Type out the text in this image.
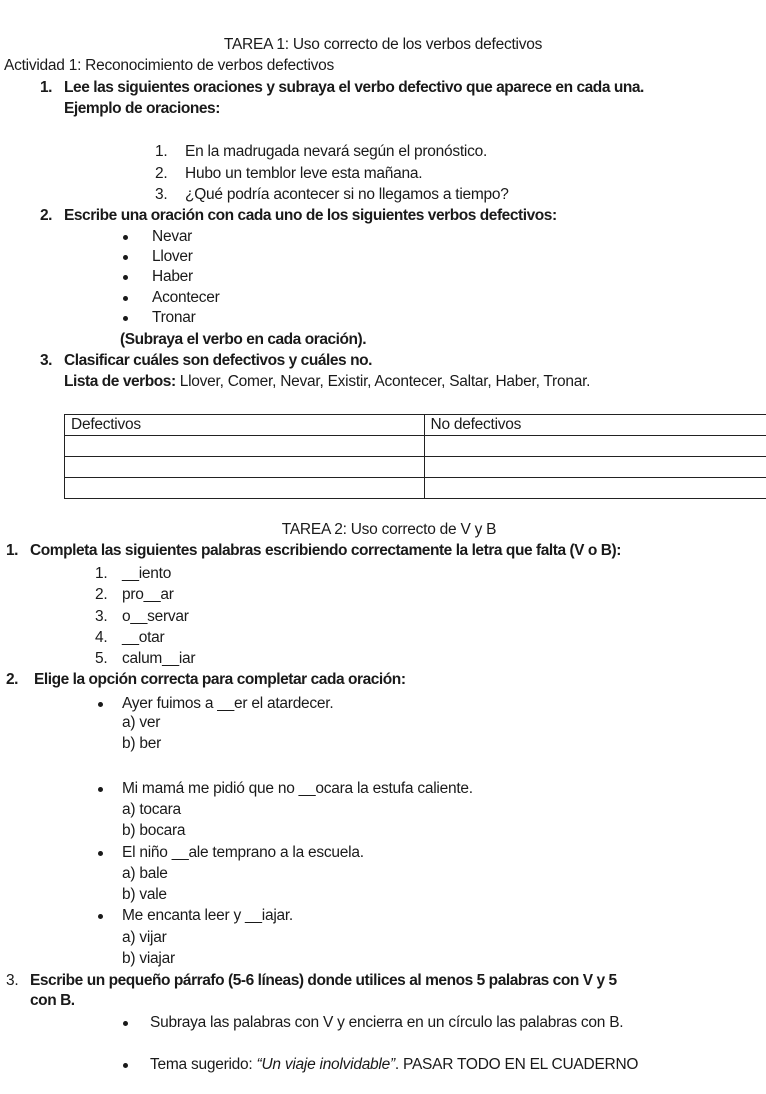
TAREA 1: Uso correcto de los verbos defectivos
Actividad 1: Reconocimiento de verbos defectivos
1. Lee las siguientes oraciones y subraya el verbo defectivo que aparece en cada una.
Ejemplo de oraciones:
1. En la madrugada nevará según el pronóstico.
2. Hubo un temblor leve esta mañana.
3. ¿Qué podría acontecer si no llegamos a tiempo?
2. Escribe una oración con cada uno de los siguientes verbos defectivos:
Nevar
Llover
Haber
Acontecer
Tronar
(Subraya el verbo en cada oración).
3. Clasificar cuáles son defectivos y cuáles no.
Lista de verbos: Llover, Comer, Nevar, Existir, Acontecer, Saltar, Haber, Tronar.
Defectivos	No defectivos

TAREA 2: Uso correcto de V y B
1. Completa las siguientes palabras escribiendo correctamente la letra que falta (V o B):
1. __iento
2. pro__ar
3. o__servar
4. __otar
5. calum__iar
2. Elige la opción correcta para completar cada oración:
Ayer fuimos a __er el atardecer.
a) ver
b) ber
Mi mamá me pidió que no __ocara la estufa caliente.
a) tocara
b) bocara
El niño __ale temprano a la escuela.
a) bale
b) vale
Me encanta leer y __iajar.
a) vijar
b) viajar
3. Escribe un pequeño párrafo (5-6 líneas) donde utilices al menos 5 palabras con V y 5
con B.
Subraya las palabras con V y encierra en un círculo las palabras con B.
Tema sugerido: “Un viaje inolvidable”. PASAR TODO EN EL CUADERNO
